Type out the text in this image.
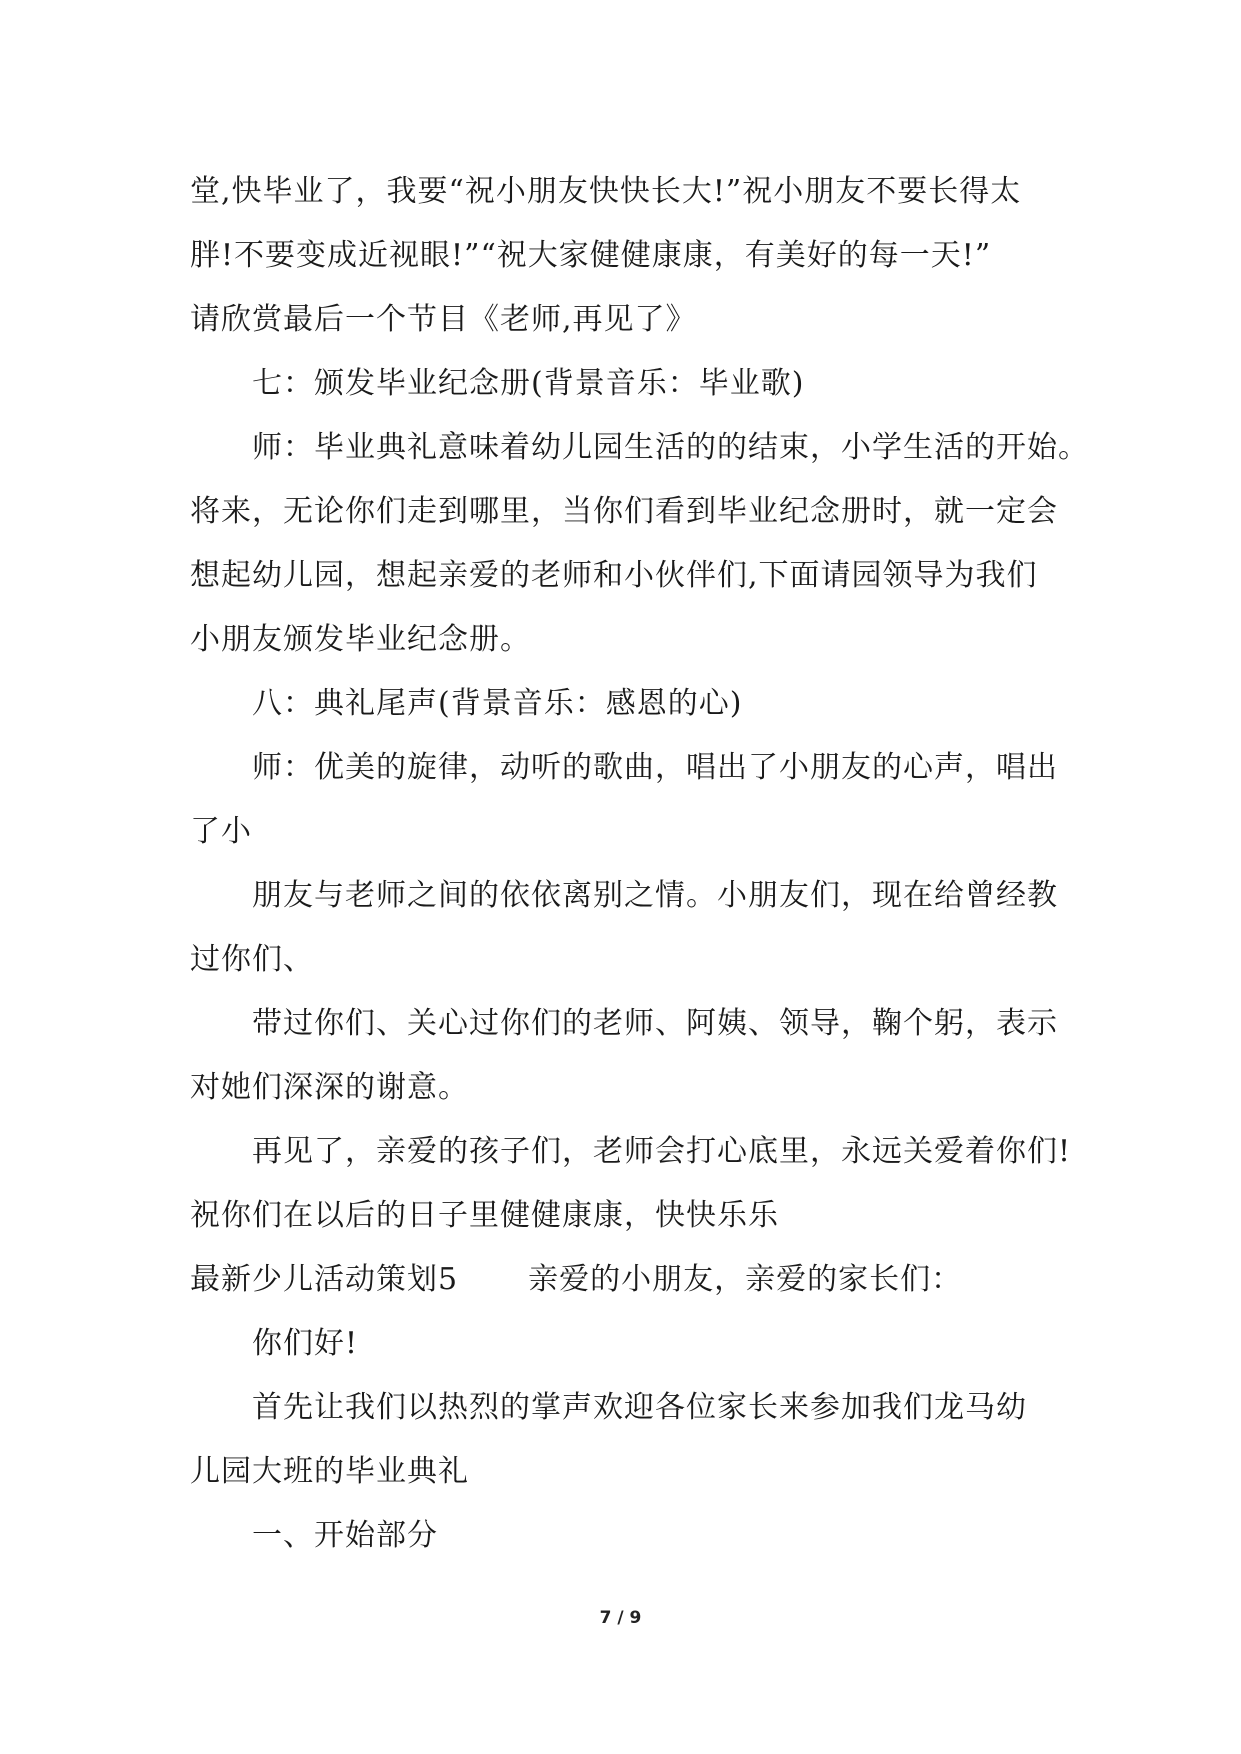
堂,快毕业了，我要“祝小朋友快快长大!”祝小朋友不要长得太
胖!不要变成近视眼!”“祝大家健健康康，有美好的每一天!”
请欣赏最后一个节目《老师,再见了》
七：颁发毕业纪念册(背景音乐：毕业歌)
师：毕业典礼意味着幼儿园生活的的结束，小学生活的开始。
将来，无论你们走到哪里，当你们看到毕业纪念册时，就一定会
想起幼儿园，想起亲爱的老师和小伙伴们,下面请园领导为我们
小朋友颁发毕业纪念册。
八：典礼尾声(背景音乐：感恩的心)
师：优美的旋律，动听的歌曲，唱出了小朋友的心声，唱出
了小
朋友与老师之间的依依离别之情。小朋友们，现在给曾经教
过你们、
带过你们、关心过你们的老师、阿姨、领导，鞠个躬，表示
对她们深深的谢意。
再见了，亲爱的孩子们，老师会打心底里，永远关爱着你们!
祝你们在以后的日子里健健康康，快快乐乐
最新少儿活动策划5 亲爱的小朋友，亲爱的家长们：
你们好!
首先让我们以热烈的掌声欢迎各位家长来参加我们龙马幼
儿园大班的毕业典礼
一、开始部分
7 / 9
